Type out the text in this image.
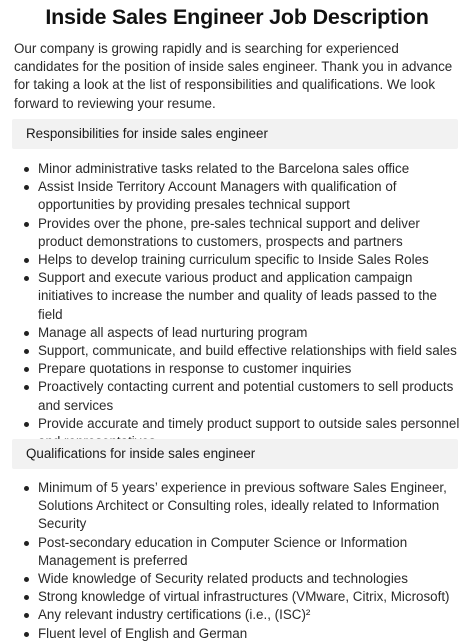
Inside Sales Engineer Job Description

Our company is growing rapidly and is searching for experienced candidates for the position of inside sales engineer. Thank you in advance for taking a look at the list of responsibilities and qualifications. We look forward to reviewing your resume.

Responsibilities for inside sales engineer
Minor administrative tasks related to the Barcelona sales office
Assist Inside Territory Account Managers with qualification of opportunities by providing presales technical support
Provides over the phone, pre-sales technical support and deliver product demonstrations to customers, prospects and partners
Helps to develop training curriculum specific to Inside Sales Roles
Support and execute various product and application campaign initiatives to increase the number and quality of leads passed to the field
Manage all aspects of lead nurturing program
Support, communicate, and build effective relationships with field sales
Prepare quotations in response to customer inquiries
Proactively contacting current and potential customers to sell products and services
Provide accurate and timely product support to outside sales personnel
Qualifications for inside sales engineer
Minimum of 5 years’ experience in previous software Sales Engineer, Solutions Architect or Consulting roles, ideally related to Information Security
Post-secondary education in Computer Science or Information Management is preferred
Wide knowledge of Security related products and technologies
Strong knowledge of virtual infrastructures (VMware, Citrix, Microsoft)
Any relevant industry certifications (i.e., (ISC)²
Fluent level of English and German
